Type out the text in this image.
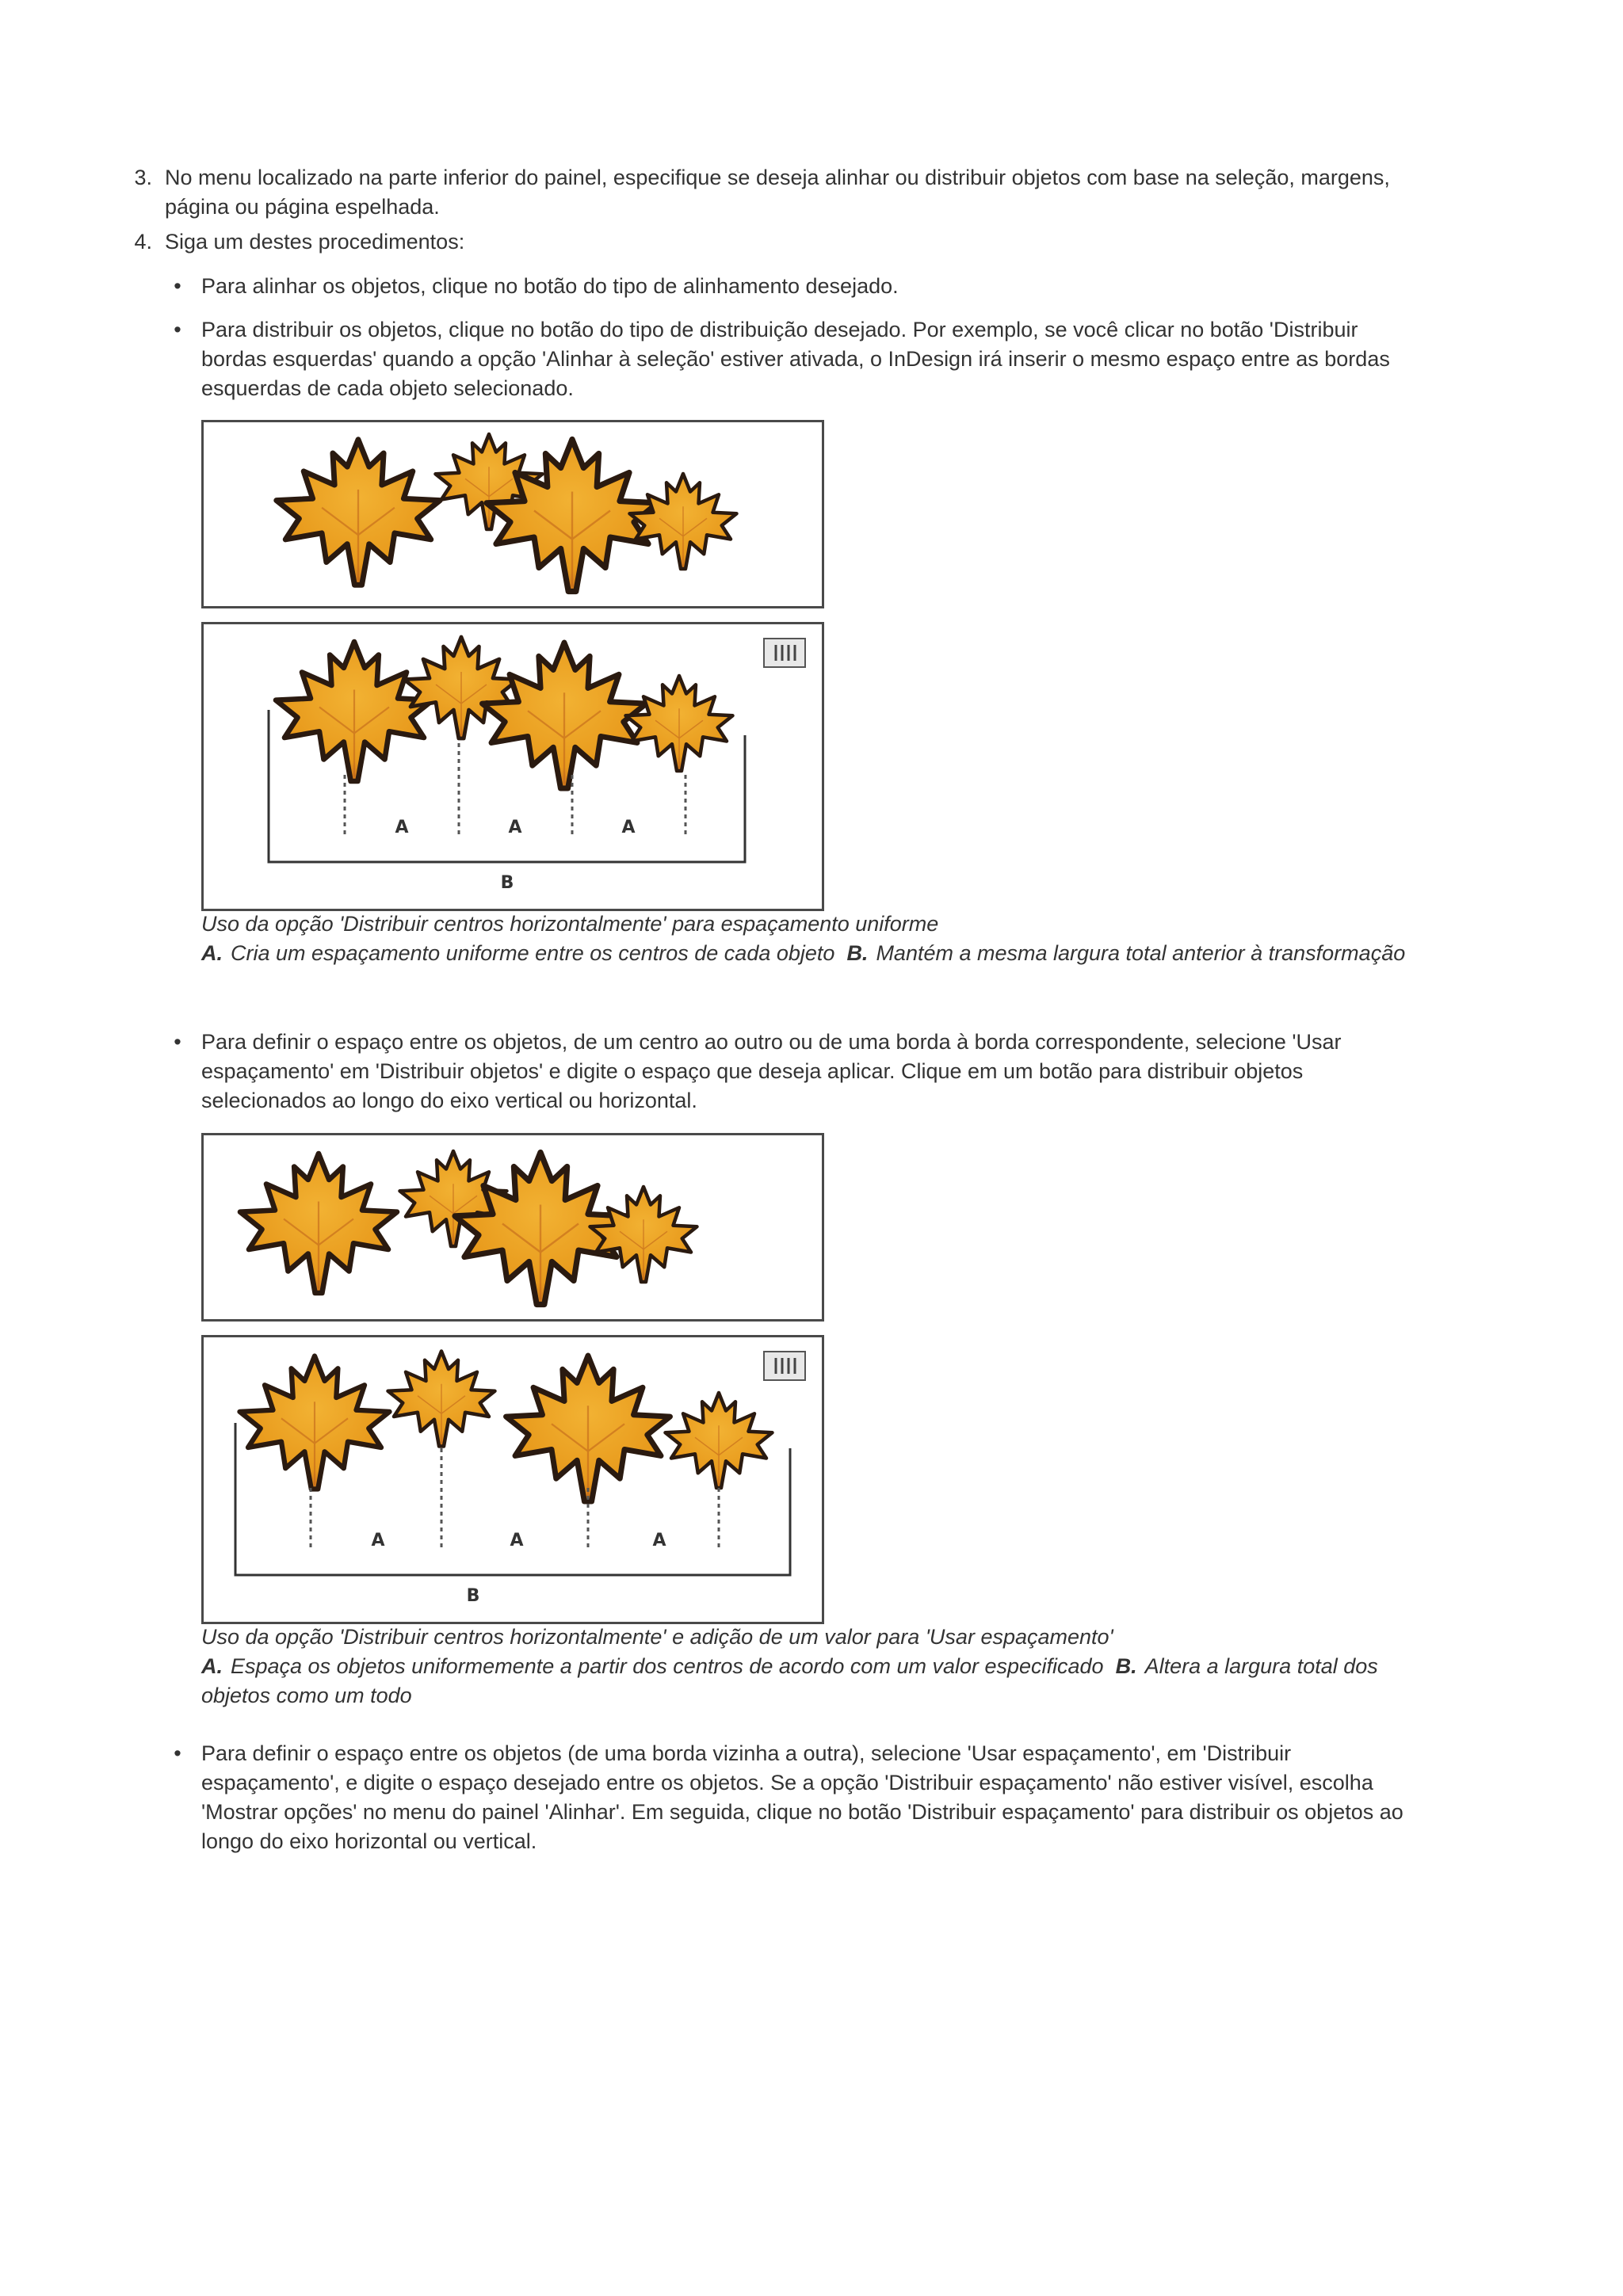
3. No menu localizado na parte inferior do painel, especifique se deseja alinhar ou distribuir objetos com base na seleção, margens, página ou página espelhada.
4. Siga um destes procedimentos:
• Para alinhar os objetos, clique no botão do tipo de alinhamento desejado.
• Para distribuir os objetos, clique no botão do tipo de distribuição desejado. Por exemplo, se você clicar no botão 'Distribuir bordas esquerdas' quando a opção 'Alinhar à seleção' estiver ativada, o InDesign irá inserir o mesmo espaço entre as bordas esquerdas de cada objeto selecionado.
A	A	A
B
Uso da opção 'Distribuir centros horizontalmente' para espaçamento uniforme
A. Cria um espaçamento uniforme entre os centros de cada objeto B. Mantém a mesma largura total anterior à transformação
• Para definir o espaço entre os objetos, de um centro ao outro ou de uma borda à borda correspondente, selecione 'Usar espaçamento' em 'Distribuir objetos' e digite o espaço que deseja aplicar. Clique em um botão para distribuir objetos selecionados ao longo do eixo vertical ou horizontal.
A	A	A
B
Uso da opção 'Distribuir centros horizontalmente' e adição de um valor para 'Usar espaçamento'
A. Espaça os objetos uniformemente a partir dos centros de acordo com um valor especificado B. Altera a largura total dos objetos como um todo
• Para definir o espaço entre os objetos (de uma borda vizinha a outra), selecione 'Usar espaçamento', em 'Distribuir espaçamento', e digite o espaço desejado entre os objetos. Se a opção 'Distribuir espaçamento' não estiver visível, escolha 'Mostrar opções' no menu do painel 'Alinhar'. Em seguida, clique no botão 'Distribuir espaçamento' para distribuir os objetos ao longo do eixo horizontal ou vertical.
